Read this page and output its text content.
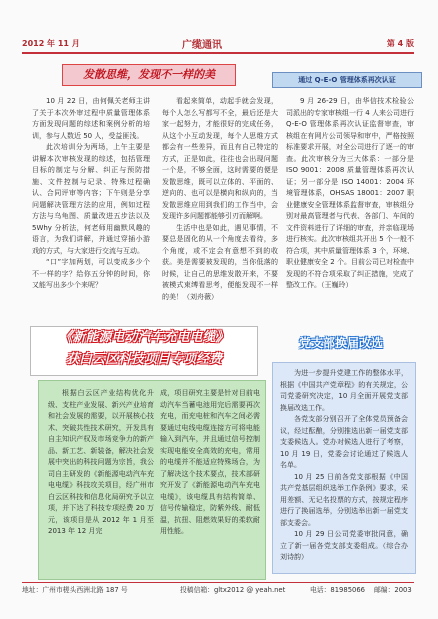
2012 年 11 月	广缆通讯	第 4 版
发散思维，发现不一样的美	通过 Q-E-O 管理体系再次认证

10 月 22 日，由何佩关老师主讲了关于本次外审过程中质量管理体系方面发现问题的综述和案例分析的培训，参与人数近 50 人，受益匪浅。

此次培训分为两场，上午主要是讲解本次审核发现的综述，包括管理目标的制定与分解、纠正与预防措施、文件控制与记录、特殊过程确认、合同评审等内容；下午则是分享问题解决管理方法的应用，例如过程方法与乌龟图、质量改进五步法以及 5Why 分析法，何老师用幽默风趣的语言，为我们讲解，并通过穿插小游戏的方式，与大家进行交流与互动。

“口”字加两划，可以变成多少个不一样的字？给你五分钟的时间，你又能写出多少个来呢？

看起来简单，动起手就会发现，每个人怎么写都写不全，最后还是大家一起努力，才能很好的完成任务，从这个小互动发现，每个人思维方式都会有一些差异，而且有自己特定的方式，正是如此，往往也会出现问题一个是，不够全面，这时需要的便是发散思维，既可以立体的、平面的、逆向的、也可以是横向和纵向的，当发散思维应用到我们的工作当中，会发现许多问题都能够引刃而解啊。

生活中也是如此，遇见事情，不要总是固化的从一个角度去看待，多个角度，或不定会有意想不到的收获。美是需要被发现的，当你低落的时候，让自己的思维发散开来，不要被模式束缚看思考，便能发现不一样的美！（刘舟薇）

9 月 26-29 日，由华信技术检验公司派出的专家审核组一行 4 人来公司进行 Q-E-O 管理体系再次认证监督审查，审核组在有网片公司领导和审中，严格按照标准要求开展，对全公司进行了逐一的审查。此次审核分为三大体系：一部分是 ISO 9001：2008 质量管理体系再次认证；另一部分是 ISO 14001：2004 环境管理体系，OHSAS 18001：2007 职业健康安全管理体系监督审查，审核组分别对最高管理者与代表、各部门、车间的文件资料进行了详细的审查，并亲临现场进行核实。此次审核组共开出 5 个一般不符合项，其中质量管理体系 3 个，环境、职业健康安全 2 个。目前公司已对检查中发现的不符合项采取了纠正措施，完成了整改工作。（王巍玲）

《新能源电动汽车充电电缆》
获白云区科技项目专项经费
党支部换届改选

根据白云区产业结构优化升级、支柱产业发展、新兴产业培育和社会发展的需要，以开展核心技术、突破共性技术研究，开发具有自主知识产权及市场竞争力的新产品、新工艺、新装备，解决社会发展中突出的科技问题为宗旨，我公司自主研发的《新能源电动汽车充电电缆》科技攻关项目，经广州市白云区科技和信息化局研究予以立项，并下达了科技专项经费 20 万元，该项目是从 2012 年 1 月至 2013 年 12 月完

成，项目研究主要是针对目前电动汽车当蓄电池用完后需要再次充电，而充电桩和汽车之间必需要通过电线电缆连接方可将电能输入到汽车，并且通过信号控制实现电能安全高效的充电，常用的电缆并不能适应特殊场合，为了解决这个技术要点，技术部研究开发了《新能源电动汽车充电电缆》，该电缆具有结构简单、信号传输稳定，防紫外线、耐低温，抗扭、阻燃效果好的柔软耐用性能。

为进一步提升党建工作的整体水平，根据《中国共产党章程》的有关规定，公司党委研究决定，10 月全面开展党支部换届改选工作。

各党支部分别召开了全体党员预备会议，经过酝酿，分别推选出新一届党支部支委候选人。党办对候选人进行了考察，10 月 19 日，党委会讨论通过了候选人名单。

10 月 25 日前各党支部根据《中国共产党基层组织选举工作条例》要求，采用差额、无记名投票的方式，按规定程序进行了换届选举，分别选举出新一届党支部支委会。

10 月 29 日公司党委审批同意，确立了新一届各党支部支委组成。（综合办 刘诗韵）

地址：广州市槎头西洲北路 187 号	投稿信箱：gltx2012 @ yeah.net	电话：81985066 邮编：2003
